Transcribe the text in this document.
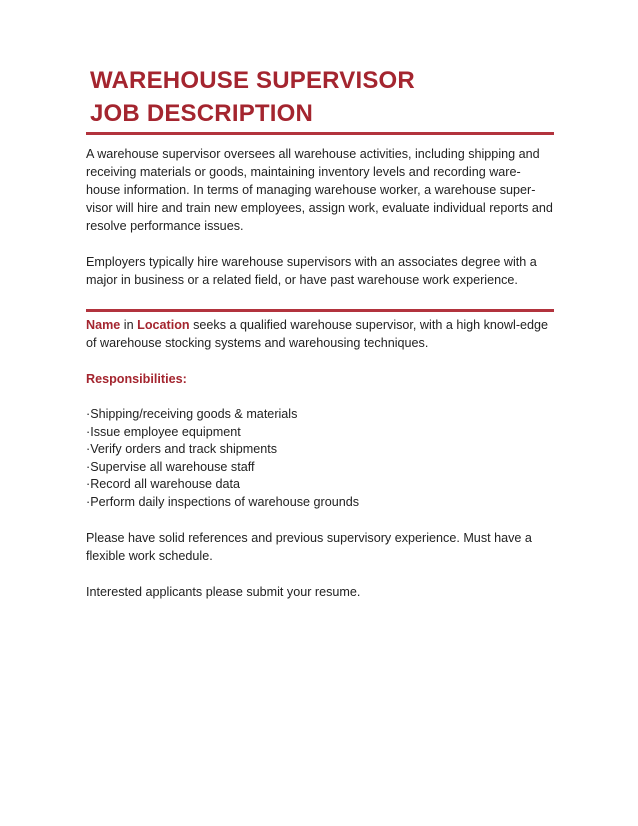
WAREHOUSE SUPERVISOR
JOB DESCRIPTION

A warehouse supervisor oversees all warehouse activities, including shipping and receiving materials or goods, maintaining inventory levels and recording ware-house information. In terms of managing warehouse worker, a warehouse super-visor will hire and train new employees, assign work, evaluate individual reports and resolve performance issues.

Employers typically hire warehouse supervisors with an associates degree with a major in business or a related field, or have past warehouse work experience.

Name in Location seeks a qualified warehouse supervisor, with a high knowl-edge of warehouse stocking systems and warehousing techniques.

Responsibilities:

·Shipping/receiving goods & materials
·Issue employee equipment
·Verify orders and track shipments
·Supervise all warehouse staff
·Record all warehouse data
·Perform daily inspections of warehouse grounds

Please have solid references and previous supervisory experience. Must have a flexible work schedule.

Interested applicants please submit your resume.
